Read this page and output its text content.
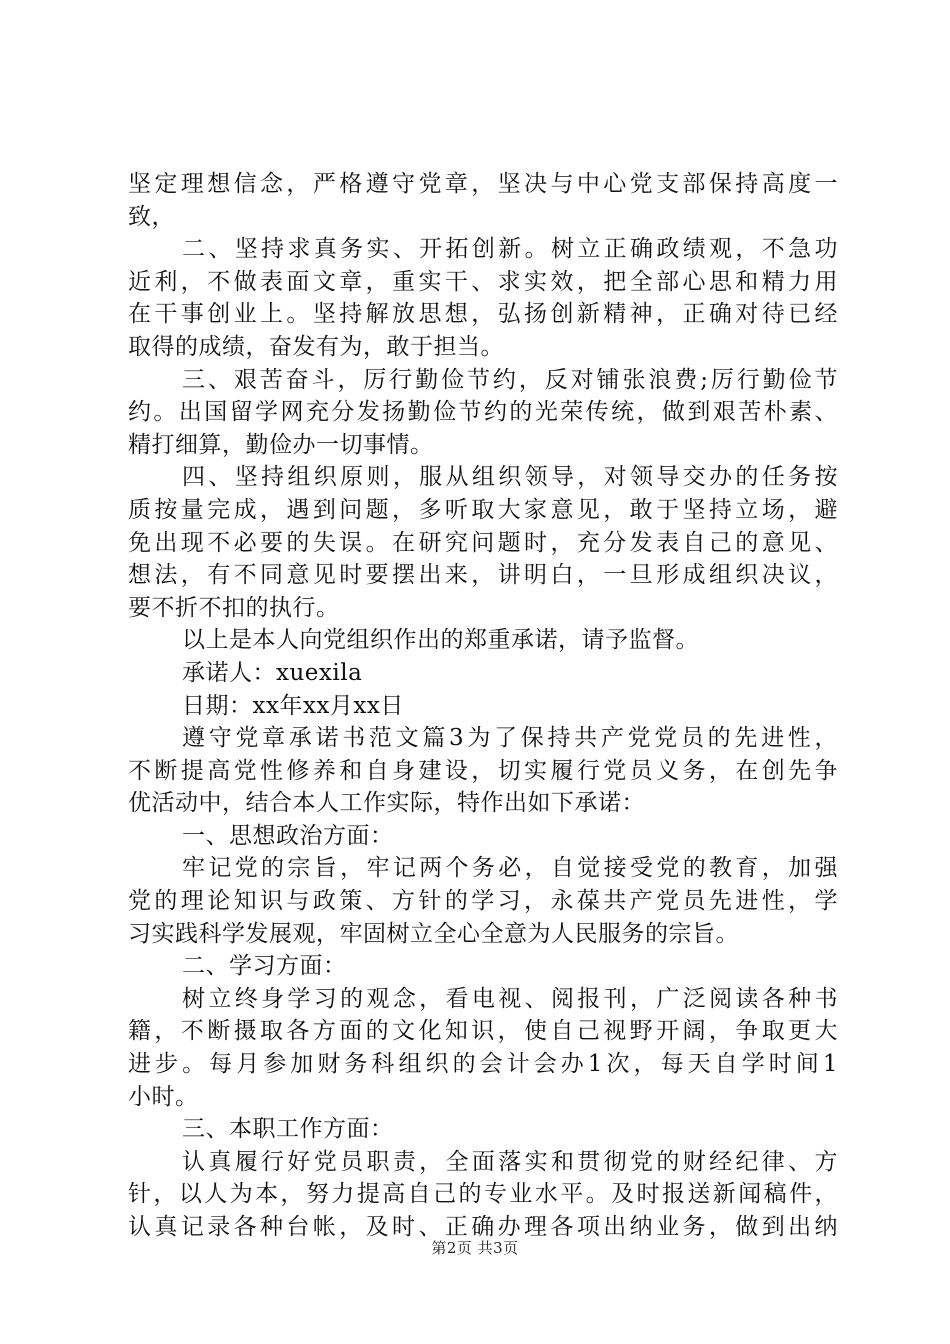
坚定理想信念，严格遵守党章，坚决与中心党支部保持高度一
致，
二、坚持求真务实、开拓创新。树立正确政绩观，不急功
近利，不做表面文章，重实干、求实效，把全部心思和精力用
在干事创业上。坚持解放思想，弘扬创新精神，正确对待已经
取得的成绩，奋发有为，敢于担当。
三、艰苦奋斗，厉行勤俭节约，反对铺张浪费;厉行勤俭节
约。出国留学网充分发扬勤俭节约的光荣传统，做到艰苦朴素、
精打细算，勤俭办一切事情。
四、坚持组织原则，服从组织领导，对领导交办的任务按
质按量完成，遇到问题，多听取大家意见，敢于坚持立场，避
免出现不必要的失误。在研究问题时，充分发表自己的意见、
想法，有不同意见时要摆出来，讲明白，一旦形成组织决议，
要不折不扣的执行。
以上是本人向党组织作出的郑重承诺，请予监督。
承诺人：xuexila
日期：xx年xx月xx日
遵守党章承诺书范文篇3为了保持共产党党员的先进性，
不断提高党性修养和自身建设，切实履行党员义务，在创先争
优活动中，结合本人工作实际，特作出如下承诺：
一、思想政治方面：
牢记党的宗旨，牢记两个务必，自觉接受党的教育，加强
党的理论知识与政策、方针的学习，永葆共产党员先进性，学
习实践科学发展观，牢固树立全心全意为人民服务的宗旨。
二、学习方面：
树立终身学习的观念，看电视、阅报刊，广泛阅读各种书
籍，不断摄取各方面的文化知识，使自己视野开阔，争取更大
进步。每月参加财务科组织的会计会办1次，每天自学时间1
小时。
三、本职工作方面：
认真履行好党员职责，全面落实和贯彻党的财经纪律、方
针，以人为本，努力提高自己的专业水平。及时报送新闻稿件，
认真记录各种台帐，及时、正确办理各项出纳业务，做到出纳
第2页 共3页
